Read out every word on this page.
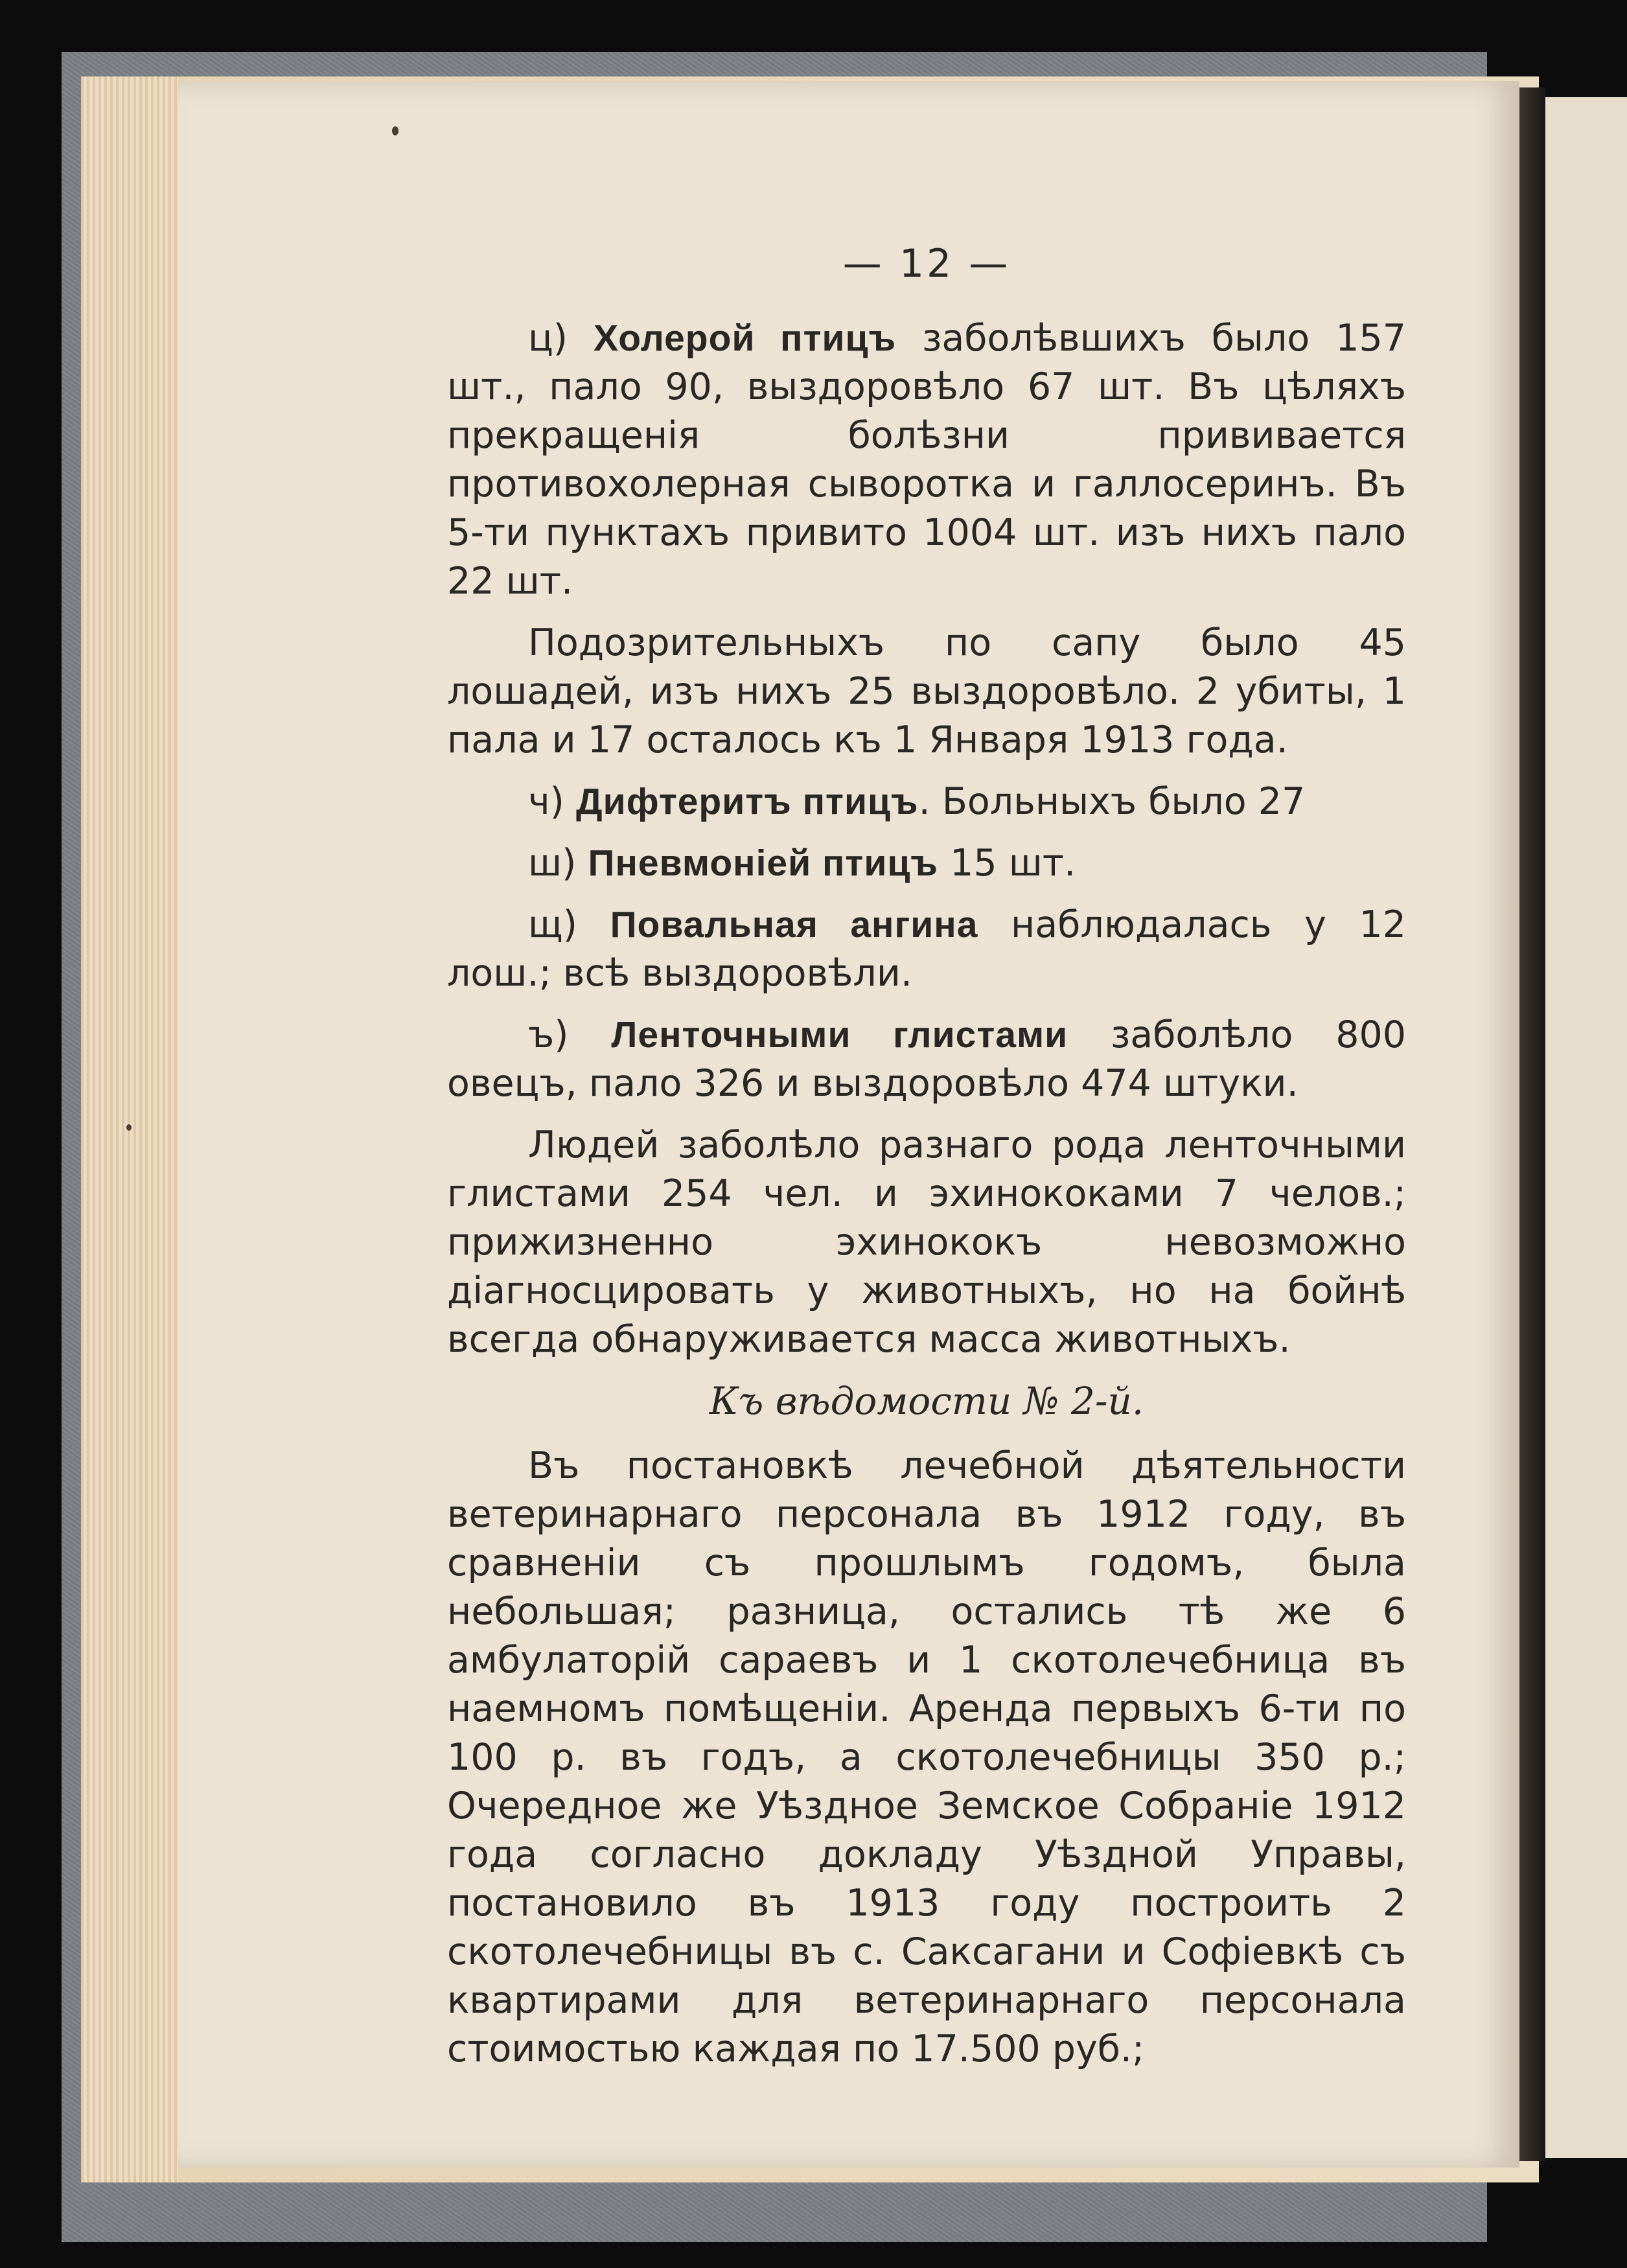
— 12 —

ц) Холерой птицъ заболѣвшихъ было 157 шт., пало 90, выздоровѣло 67 шт. Въ цѣляхъ прекращенія болѣзни прививается противохолерная сыворотка и галлосеринъ. Въ 5-ти пунктахъ привито 1004 шт. изъ нихъ пало 22 шт.

Подозрительныхъ по сапу было 45 лошадей, изъ нихъ 25 выздоровѣло. 2 убиты, 1 пала и 17 осталось къ 1 Января 1913 года.

ч) Дифтеритъ птицъ. Больныхъ было 27

ш) Пневмоніей птицъ 15 шт.

щ) Повальная ангина наблюдалась у 12 лош.; всѣ выздоровѣли.

ъ) Ленточными глистами заболѣло 800 овецъ, пало 326 и выздоровѣло 474 штуки.

Людей заболѣло разнаго рода ленточными глистами 254 чел. и эхинококами 7 челов.; прижизненно эхинококъ невозможно діагносцировать у животныхъ, но на бойнѣ всегда обнаруживается масса животныхъ.

Къ вѣдомости № 2-й.

Въ постановкѣ лечебной дѣятельности ветеринарнаго персонала въ 1912 году, въ сравненіи съ прошлымъ годомъ, была небольшая; разница, остались тѣ же 6 амбулаторій сараевъ и 1 скотолечебница въ наемномъ помѣщеніи. Аренда первыхъ 6-ти по 100 р. въ годъ, а скотолечебницы 350 р.; Очередное же Уѣздное Земское Собраніе 1912 года согласно докладу Уѣздной Управы, постановило въ 1913 году построить 2 скотолечебницы въ с. Саксагани и Софіевкѣ съ квартирами для ветеринарнаго персонала стоимостью каждая по 17.500 руб.;
